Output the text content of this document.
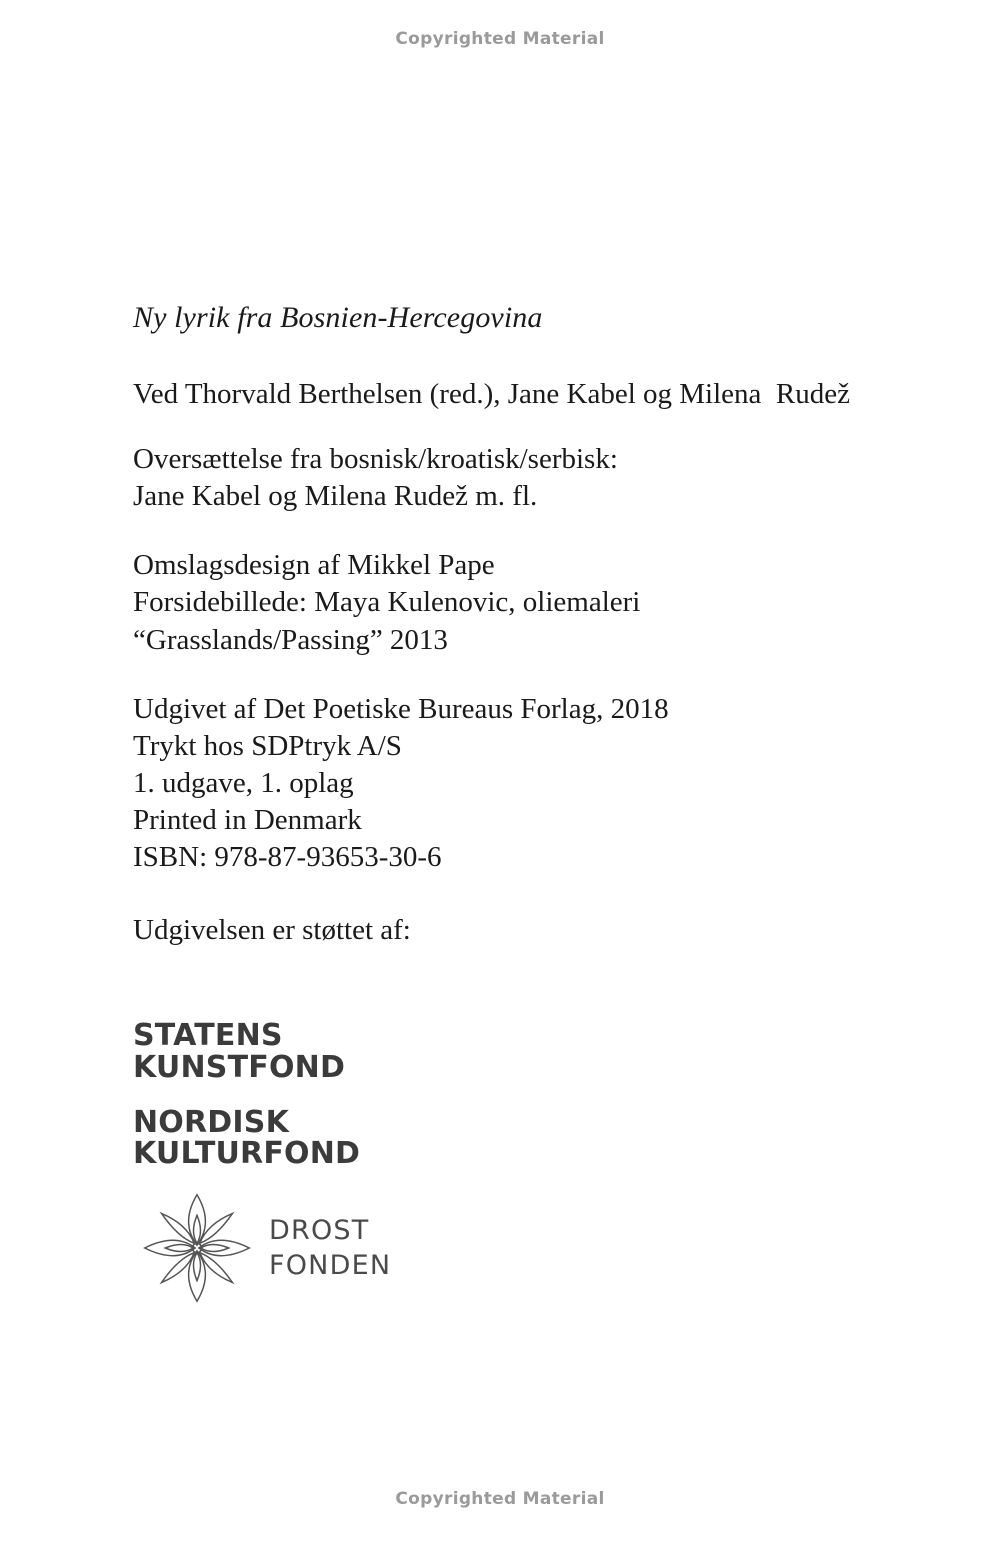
Copyrighted Material
Ny lyrik fra Bosnien-Hercegovina
Ved Thorvald Berthelsen (red.), Jane Kabel og Milena  Rudež
Oversættelse fra bosnisk/kroatisk/serbisk:
Jane Kabel og Milena Rudež m. fl.
Omslagsdesign af Mikkel Pape
Forsidebillede: Maya Kulenovic, oliemaleri
“Grasslands/Passing” 2013
Udgivet af Det Poetiske Bureaus Forlag, 2018
Trykt hos SDPtryk A/S
1. udgave, 1. oplag
Printed in Denmark
ISBN: 978-87-93653-30-6
Udgivelsen er støttet af:
STATENS
KUNSTFOND
NORDISK
KULTURFOND
DROST
FONDEN
Copyrighted Material
